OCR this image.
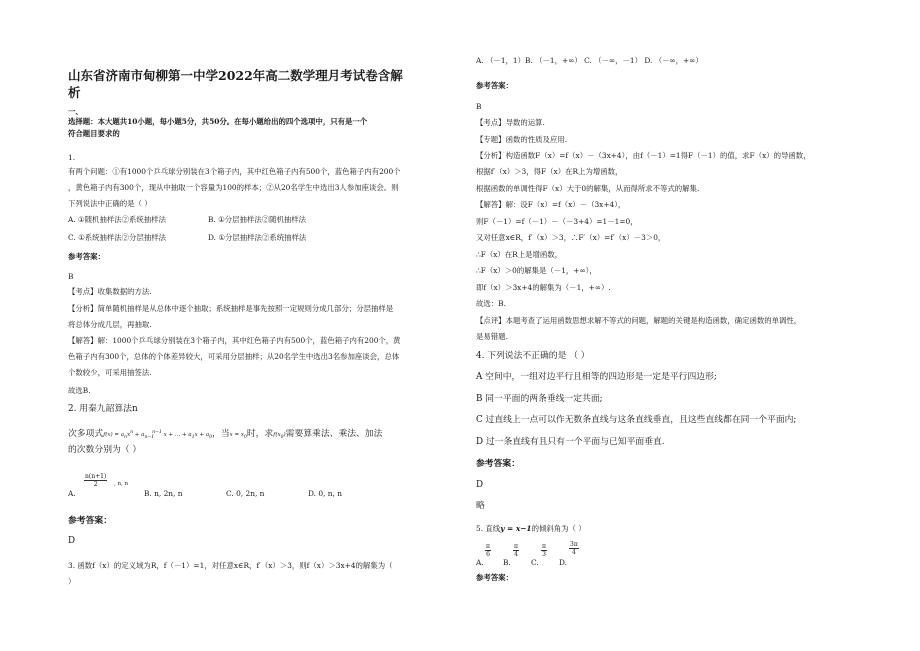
山东省济南市甸柳第一中学2022年高二数学理月考试卷含解
析
一、
选择题：本大题共10小题，每小题5分，共50分。在每小题给出的四个选项中，只有是一个
符合题目要求的
1.
有两个问题：①有1000个乒乓球分别装在3个箱子内，其中红色箱子内有500个，蓝色箱子内有200个
，黄色箱子内有300个，现从中抽取一个容量为100的样本；②从20名学生中选出3人参加座谈会。则
下列说法中正确的是（ ）
A. ①随机抽样法②系统抽样法	B. ①分层抽样法②随机抽样法
C. ①系统抽样法②分层抽样法	D. ①分层抽样法②系统抽样法
参考答案：
B
【考点】收集数据的方法.
【分析】简单随机抽样是从总体中逐个抽取；系统抽样是事先按照一定规则分成几部分；分层抽样是
将总体分成几层，再抽取.
【解答】解：1000个乒乓球分别装在3个箱子内，其中红色箱子内有500个，蓝色箱子内有200个，黄
色箱子内有300个，总体的个体差异较大，可采用分层抽样；从20名学生中选出3名参加座谈会，总体
个数较少，可采用抽签法.
故选B.
2. 用秦九韶算法n
次多项式$f(x) = a_nx^n + a_{n-1}^{n-1}$ x + … + $a_1x + a_0$，当$x = x_0$时，求$f(x_0)$需要算乘法、乘法、加法
的次数分别为（ ）
A.
$\frac{n(n+1)}{2}$ , n, n
B. n, 2n, n	C. 0, 2n, n	D. 0, n, n
参考答案：
D
3. 函数f（x）的定义域为R，f（－1）=1，对任意x∈R，f′（x）＞3，则f（x）＞3x+4的解集为（
）
A. （－1，1）B. （－1，+∞） C. （－∞，－1） D. （－∞，+∞）
参考答案：
B
【考点】导数的运算.
【专题】函数的性质及应用.
【分析】构造函数F（x）=f（x）－（3x+4），由f（－1）=1得F（－1）的值，求F（x）的导函数，
根据f′（x）＞3，得F（x）在R上为增函数，
根据函数的单调性得F（x）大于0的解集，从而得所求不等式的解集.
【解答】解：设F（x）=f（x）－（3x+4），
则F（－1）=f（－1）－（－3+4）=1－1=0，
又对任意x∈R，f′（x）＞3，∴F′（x）=f′（x）－3＞0，
∴F（x）在R上是增函数，
∴F（x）＞0的解集是（－1，+∞），
即f（x）＞3x+4的解集为（－1，+∞）.
故选：B.
【点评】本题考查了运用函数思想求解不等式的问题，解题的关键是构造函数，确定函数的单调性，
是易错题.
4. 下列说法不正确的是 （ ）
A 空间中，一组对边平行且相等的四边形是一定是平行四边形;
B 同一平面的两条垂线一定共面;
C 过直线上一点可以作无数条直线与这条直线垂直，且这些直线都在同一个平面内;
D 过一条直线有且只有一个平面与已知平面垂直.
参考答案：
D
略
5. 直线y = x−1的倾斜角为（ ）
A.
$\frac{\pi}{6}$
B.
$\frac{\pi}{4}$
C.
$\frac{\pi}{3}$
D.
$\frac{3\pi}{4}$
参考答案：
